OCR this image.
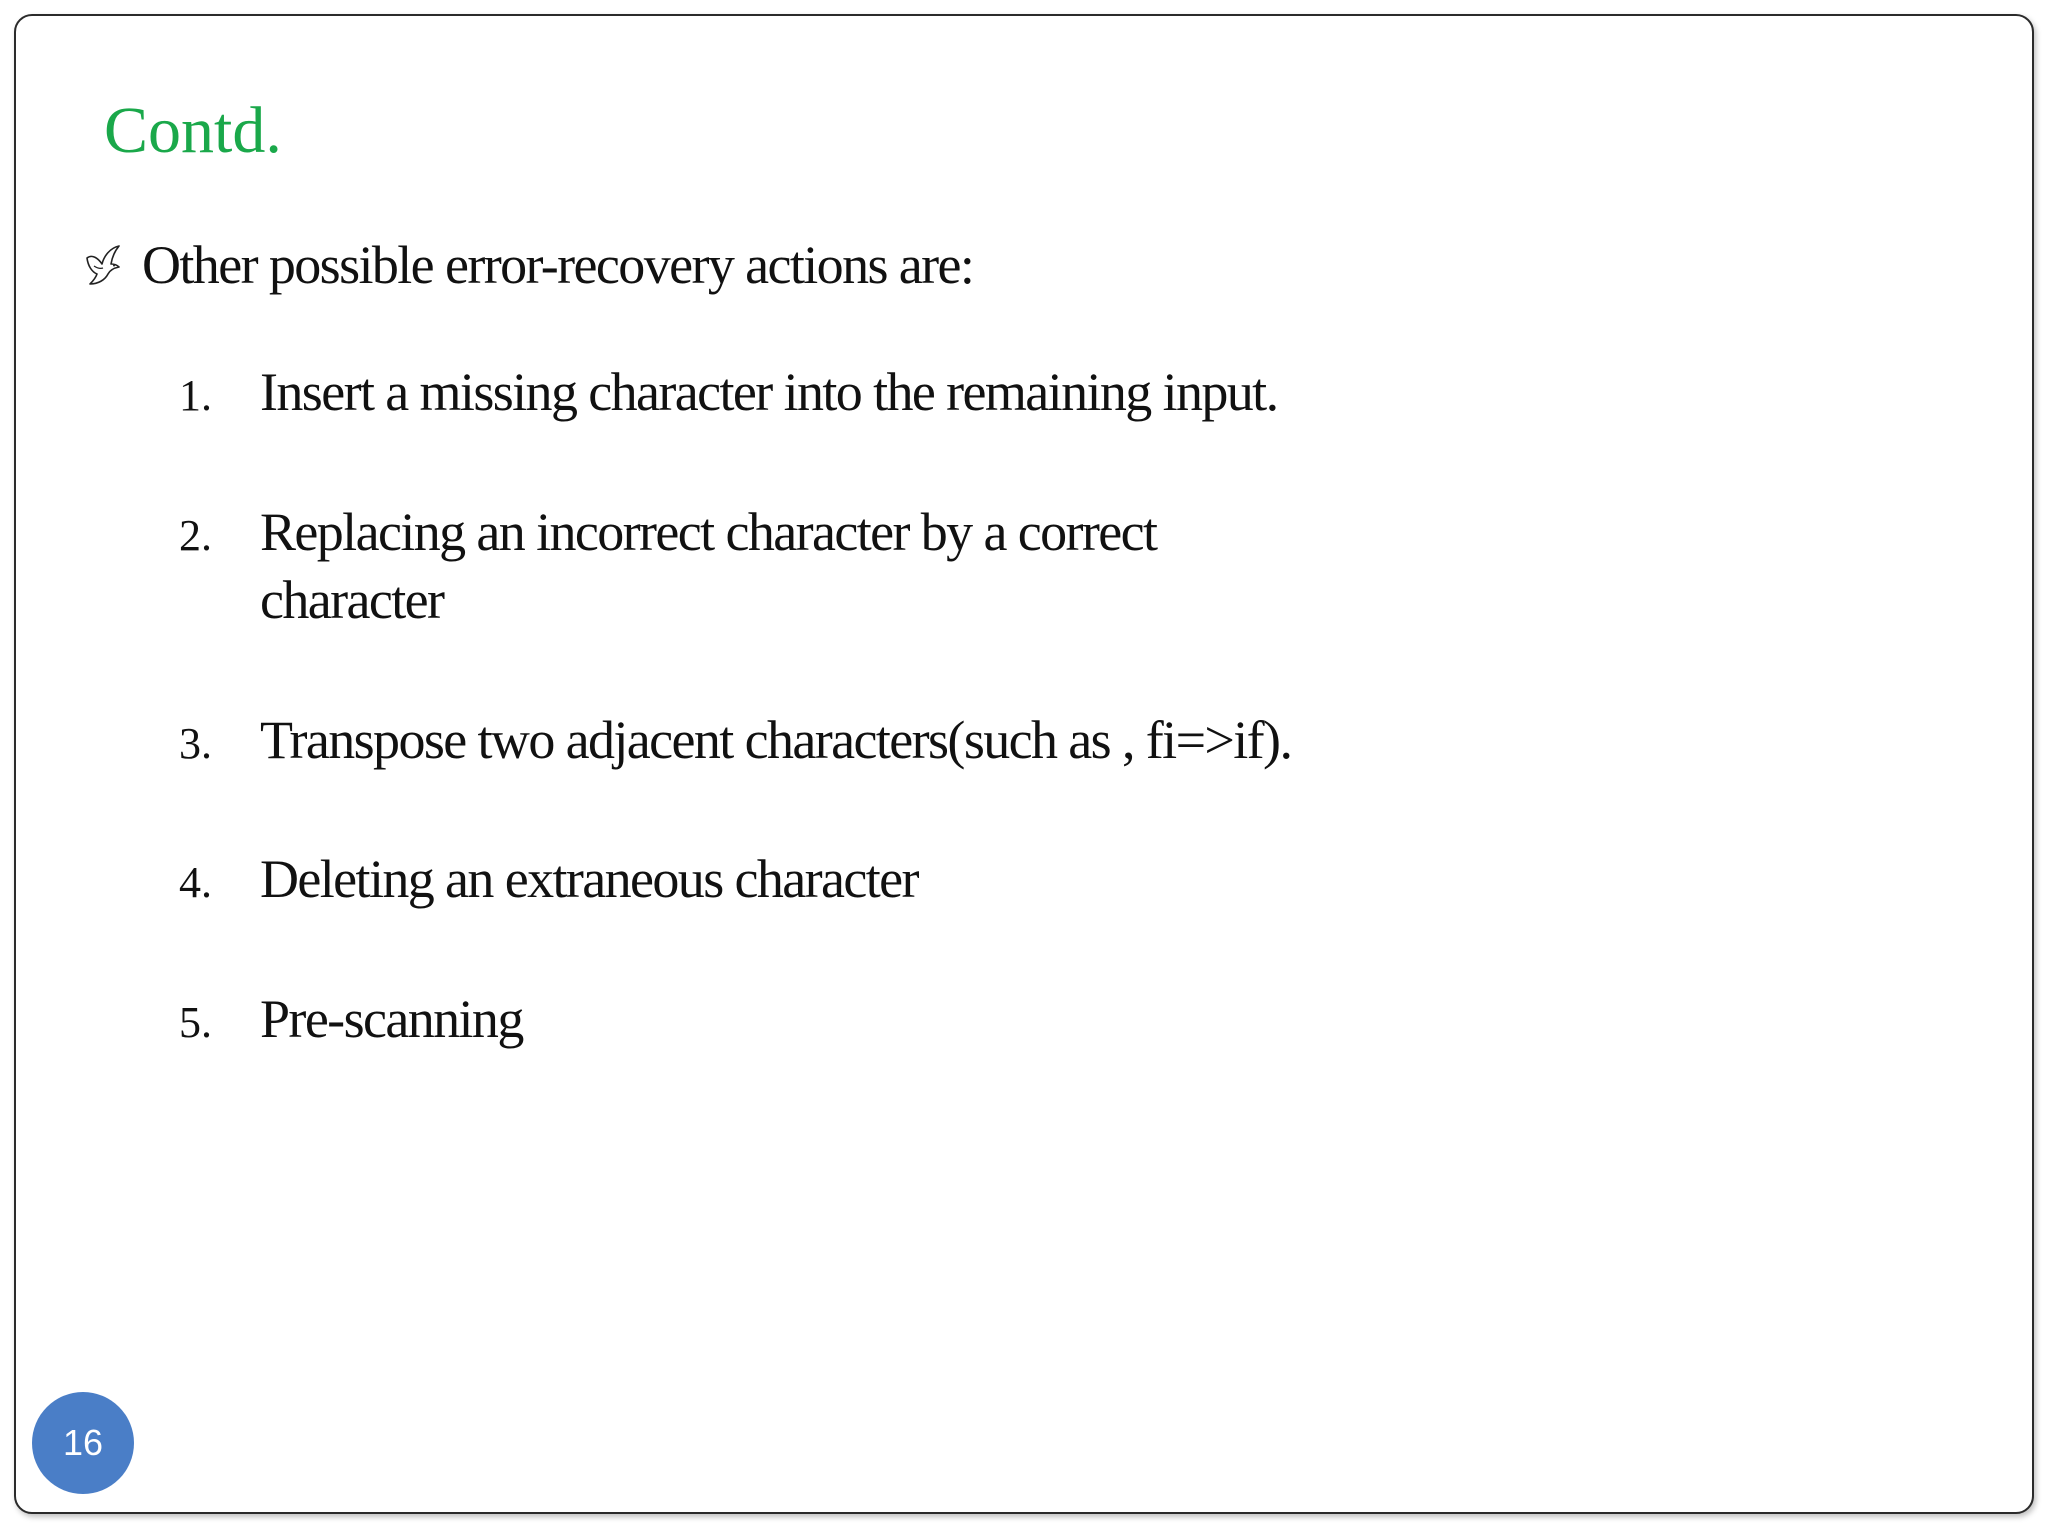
Contd.
Other possible error-recovery actions are:
1. Insert a missing character into the remaining input.
2. Replacing an incorrect character by a correct character
3. Transpose two adjacent characters(such as , fi=>if).
4. Deleting an extraneous character
5. Pre-scanning
16
